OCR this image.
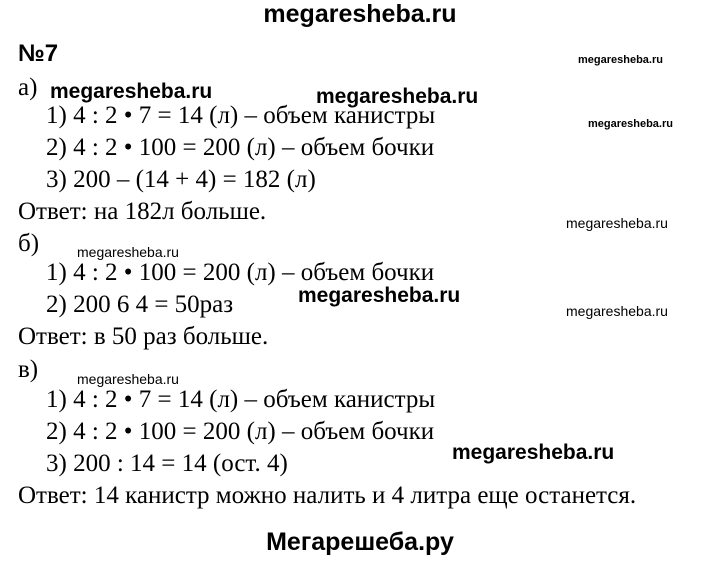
megaresheba.ru
№7
а)
1) 4 : 2 • 7 = 14 (л) – объем канистры
2) 4 : 2 • 100 = 200 (л) – объем бочки
3) 200 – (14 + 4) = 182 (л)
Ответ: на 182л больше.
б)
1) 4 : 2 • 100 = 200 (л) – объем бочки
2) 200 6 4 = 50раз
Ответ: в 50 раз больше.
в)
1) 4 : 2 • 7 = 14 (л) – объем канистры
2) 4 : 2 • 100 = 200 (л) – объем бочки
3) 200 : 14 = 14 (ост. 4)
Ответ: 14 канистр можно налить и 4 литра еще останется.
megaresheba.ru
megaresheba.ru
megaresheba.ru	megaresheba.ru
megaresheba.ru
megaresheba.ru
megaresheba.ru
megaresheba.ru
megaresheba.ru
megaresheba.ru
Мегарешеба.ру
